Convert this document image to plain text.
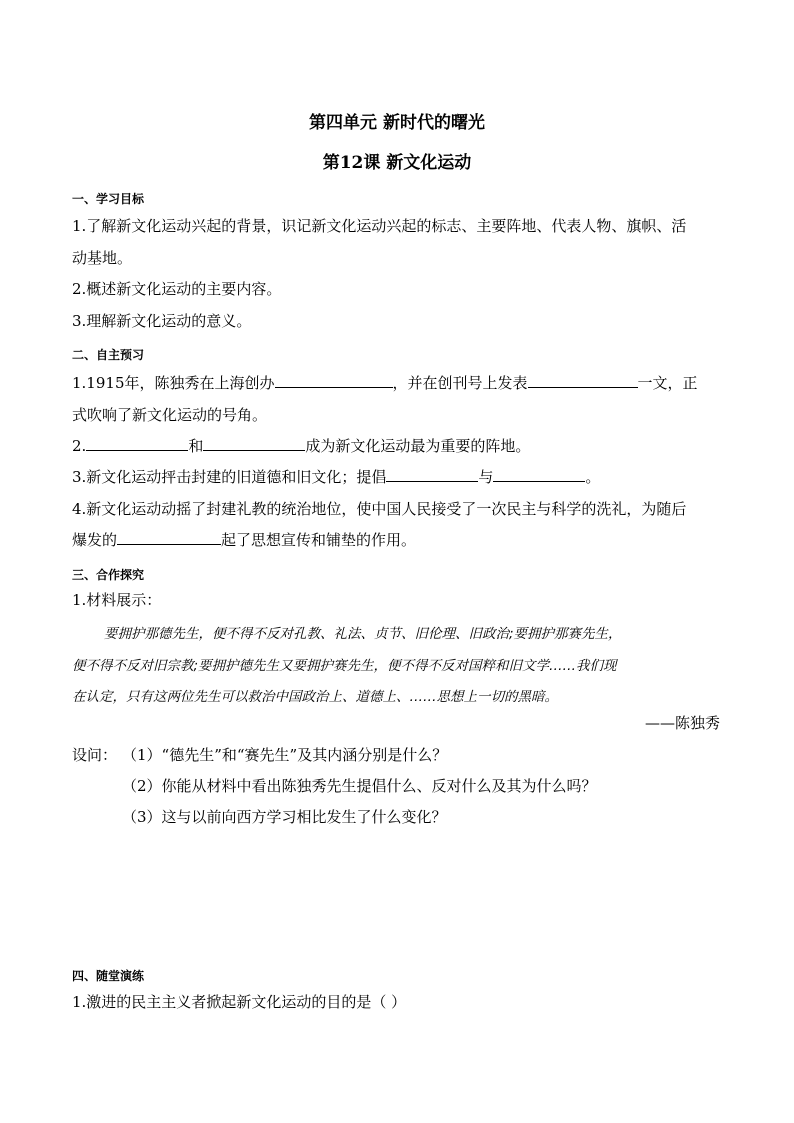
第四单元 新时代的曙光
第12课 新文化运动
一、学习目标
1.了解新文化运动兴起的背景，识记新文化运动兴起的标志、主要阵地、代表人物、旗帜、活
动基地。
2.概述新文化运动的主要内容。
3.理解新文化运动的意义。
二、自主预习
1.1915年，陈独秀在上海创办	，并在创刊号上发表	一文，正
式吹响了新文化运动的号角。
2.	和	成为新文化运动最为重要的阵地。
3.新文化运动抨击封建的旧道德和旧文化；提倡	与	。
4.新文化运动动摇了封建礼教的统治地位，使中国人民接受了一次民主与科学的洗礼，为随后
爆发的	起了思想宣传和铺垫的作用。
三、合作探究
1.材料展示：
要拥护那德先生，便不得不反对孔教、礼法、贞节、旧伦理、旧政治;要拥护那赛先生，
便不得不反对旧宗教;要拥护德先生又要拥护赛先生，便不得不反对国粹和旧文学……我们现
在认定，只有这两位先生可以救治中国政治上、道德上、……思想上一切的黑暗。
——陈独秀
设问： （1）“德先生”和“赛先生”及其内涵分别是什么？
（2）你能从材料中看出陈独秀先生提倡什么、反对什么及其为什么吗？
（3）这与以前向西方学习相比发生了什么变化？
四、随堂演练
1.激进的民主主义者掀起新文化运动的目的是（ ）
